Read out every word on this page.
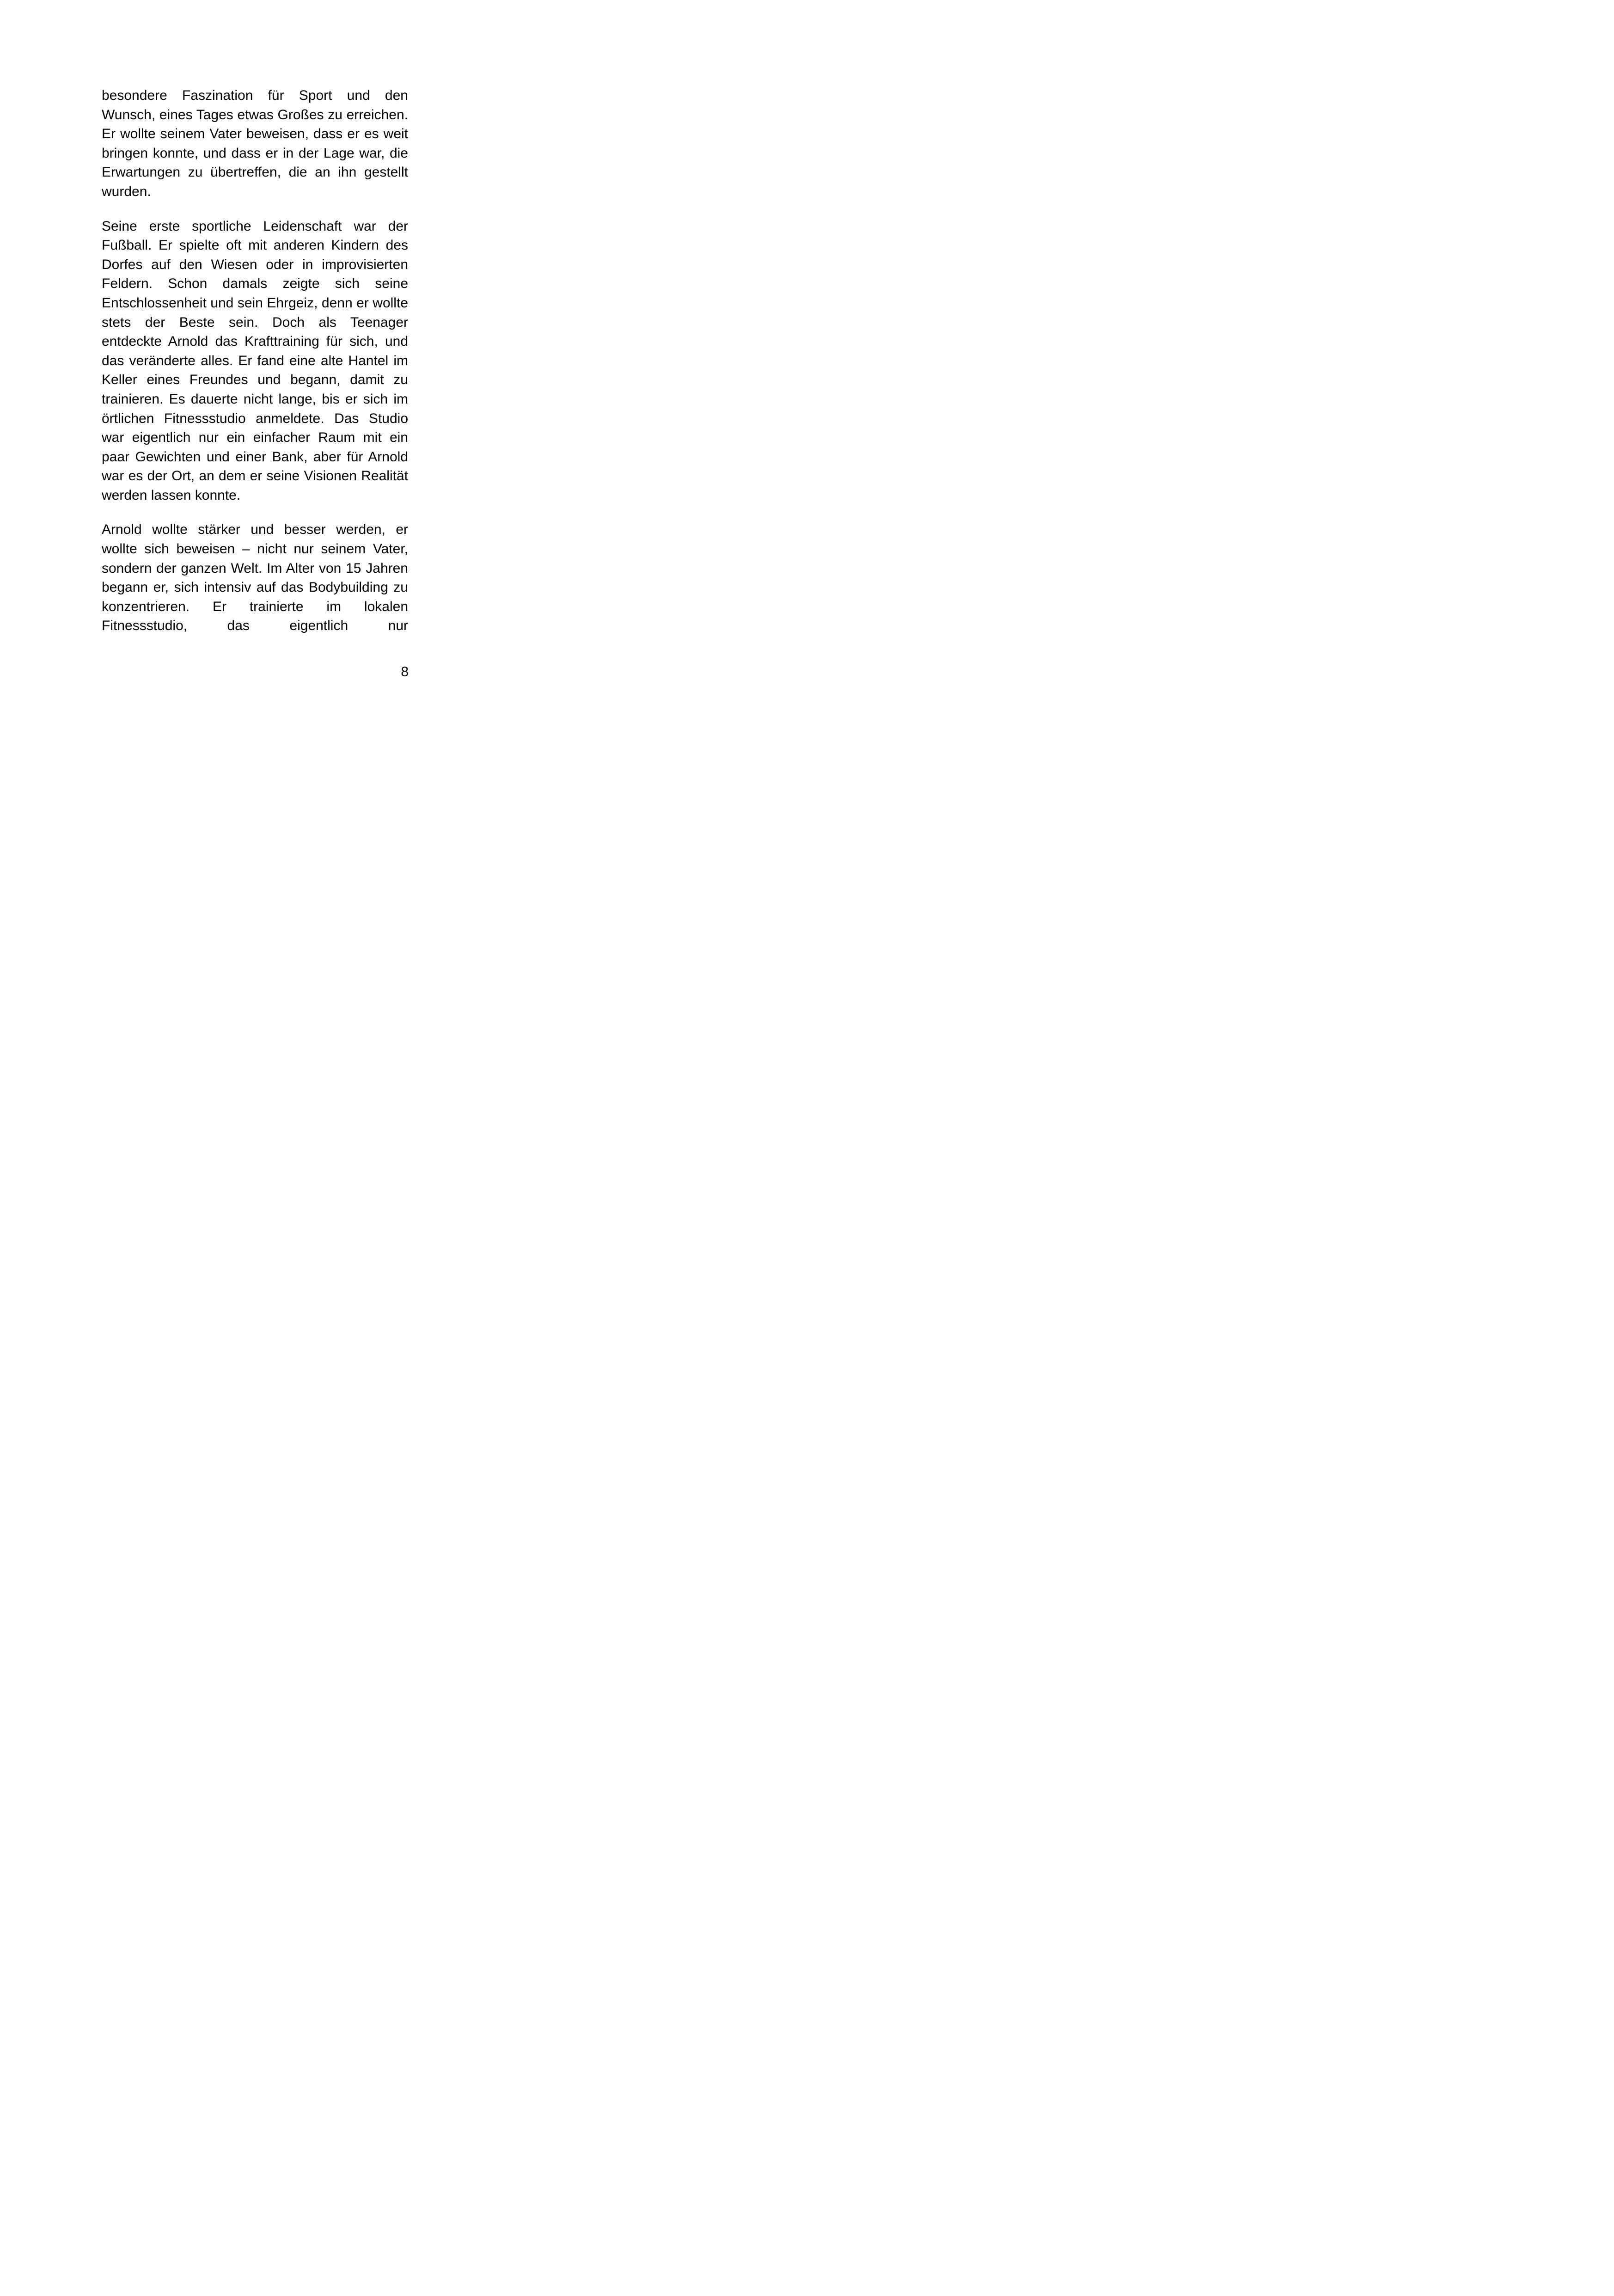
besondere Faszination für Sport und den Wunsch, eines Tages etwas Großes zu erreichen. Er wollte seinem Vater beweisen, dass er es weit bringen konnte, und dass er in der Lage war, die Erwartungen zu übertreffen, die an ihn gestellt wurden.

Seine erste sportliche Leidenschaft war der Fußball. Er spielte oft mit anderen Kindern des Dorfes auf den Wiesen oder in improvisierten Feldern. Schon damals zeigte sich seine Entschlossenheit und sein Ehrgeiz, denn er wollte stets der Beste sein. Doch als Teenager entdeckte Arnold das Krafttraining für sich, und das veränderte alles. Er fand eine alte Hantel im Keller eines Freundes und begann, damit zu trainieren. Es dauerte nicht lange, bis er sich im örtlichen Fitnessstudio anmeldete. Das Studio war eigentlich nur ein einfacher Raum mit ein paar Gewichten und einer Bank, aber für Arnold war es der Ort, an dem er seine Visionen Realität werden lassen konnte.

Arnold wollte stärker und besser werden, er wollte sich beweisen – nicht nur seinem Vater, sondern der ganzen Welt. Im Alter von 15 Jahren begann er, sich intensiv auf das Bodybuilding zu konzentrieren. Er trainierte im lokalen Fitnessstudio, das eigentlich nur

8
